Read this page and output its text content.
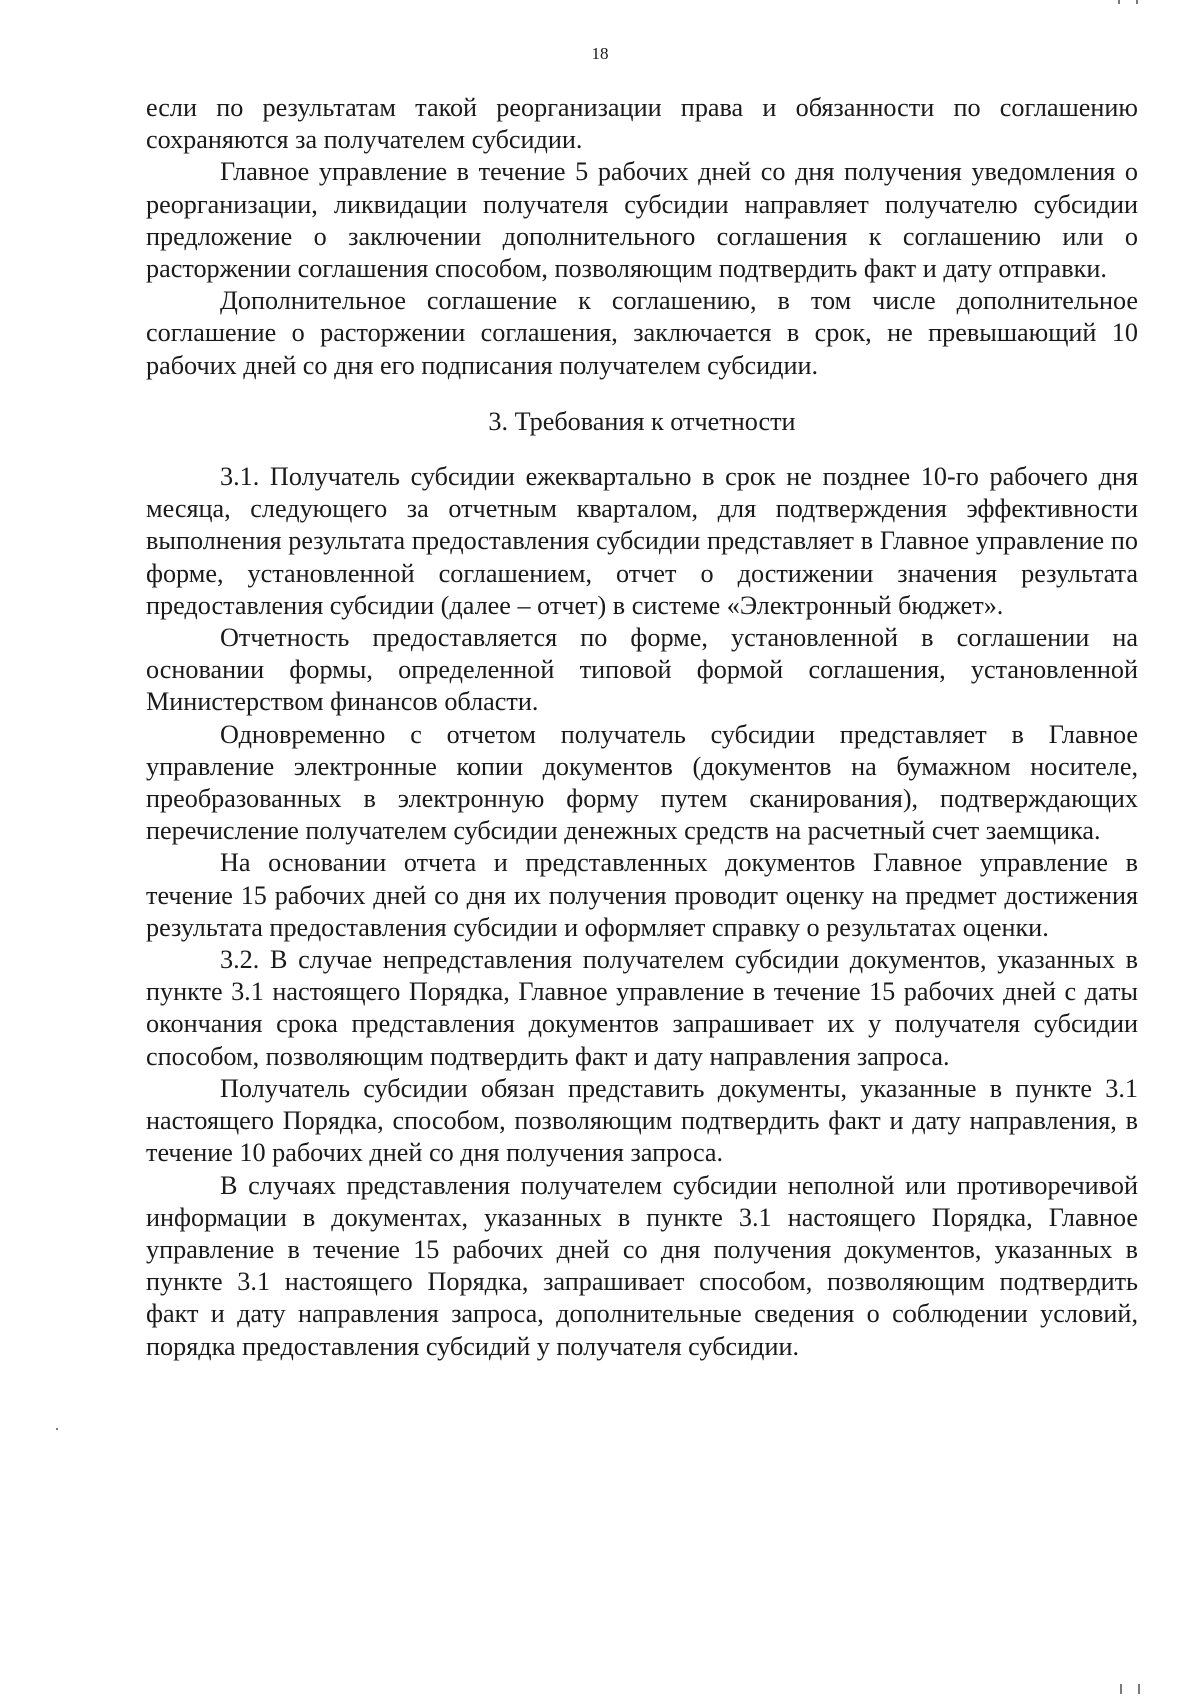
18

если по результатам такой реорганизации права и обязанности по соглашению сохраняются за получателем субсидии.

Главное управление в течение 5 рабочих дней со дня получения уведомления о реорганизации, ликвидации получателя субсидии направляет получателю субсидии предложение о заключении дополнительного соглашения к соглашению или о расторжении соглашения способом, позволяющим подтвердить факт и дату отправки.

Дополнительное соглашение к соглашению, в том числе дополнительное соглашение о расторжении соглашения, заключается в срок, не превышающий 10 рабочих дней со дня его подписания получателем субсидии.

3. Требования к отчетности

3.1. Получатель субсидии ежеквартально в срок не позднее 10-го рабочего дня месяца, следующего за отчетным кварталом, для подтверждения эффективности выполнения результата предоставления субсидии представляет в Главное управление по форме, установленной соглашением, отчет о достижении значения результата предоставления субсидии (далее – отчет) в системе «Электронный бюджет».

Отчетность предоставляется по форме, установленной в соглашении на основании формы, определенной типовой формой соглашения, установленной Министерством финансов области.

Одновременно с отчетом получатель субсидии представляет в Главное управление электронные копии документов (документов на бумажном носителе, преобразованных в электронную форму путем сканирования), подтверждающих перечисление получателем субсидии денежных средств на расчетный счет заемщика.

На основании отчета и представленных документов Главное управление в течение 15 рабочих дней со дня их получения проводит оценку на предмет достижения результата предоставления субсидии и оформляет справку о результатах оценки.

3.2. В случае непредставления получателем субсидии документов, указанных в пункте 3.1 настоящего Порядка, Главное управление в течение 15 рабочих дней с даты окончания срока представления документов запрашивает их у получателя субсидии способом, позволяющим подтвердить факт и дату направления запроса.

Получатель субсидии обязан представить документы, указанные в пункте 3.1 настоящего Порядка, способом, позволяющим подтвердить факт и дату направления, в течение 10 рабочих дней со дня получения запроса.

В случаях представления получателем субсидии неполной или противоречивой информации в документах, указанных в пункте 3.1 настоящего Порядка, Главное управление в течение 15 рабочих дней со дня получения документов, указанных в пункте 3.1 настоящего Порядка, запрашивает способом, позволяющим подтвердить факт и дату направления запроса, дополнительные сведения о соблюдении условий, порядка предоставления субсидий у получателя субсидии.
